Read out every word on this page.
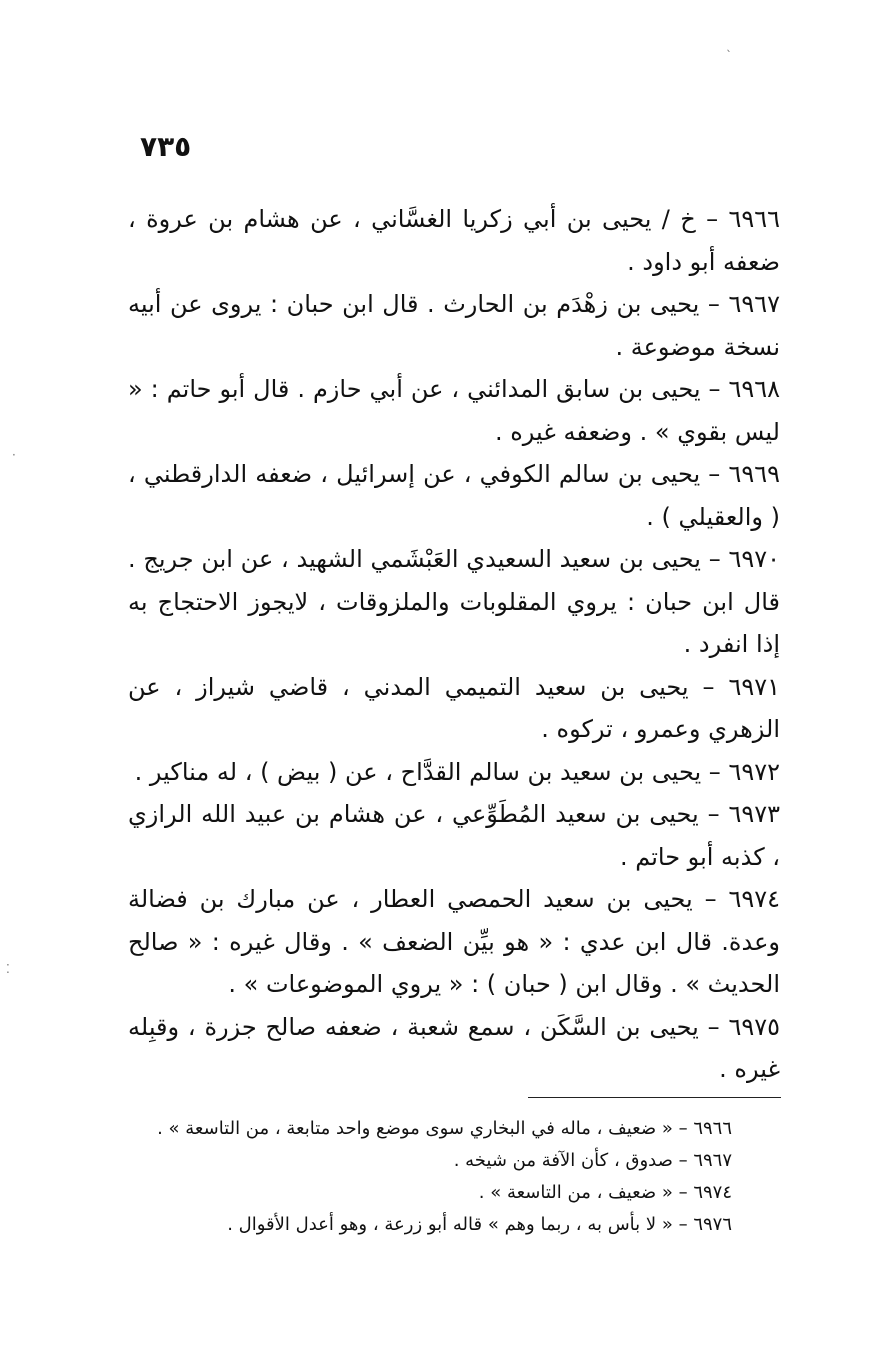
٧٣٥

٦٩٦٦ – خ / يحيى بن أبي زكريا الغسَّاني ، عن هشام بن عروة ، ضعفه أبو داود .

٦٩٦٧ – يحيى بن زهْدَم بن الحارث . قال ابن حبان : يروى عن أبيه نسخة موضوعة .

٦٩٦٨ – يحيى بن سابق المدائني ، عن أبي حازم . قال أبو حاتم : « ليس بقوي » . وضعفه غيره .

٦٩٦٩ – يحيى بن سالم الكوفي ، عن إسرائيل ، ضعفه الدارقطني ، ( والعقيلي ) .

٦٩٧٠ – يحيى بن سعيد السعيدي العَبْشَمي الشهيد ، عن ابن جريج . قال ابن حبان : يروي المقلوبات والملزوقات ، لايجوز الاحتجاج به إذا انفرد .

٦٩٧١ – يحيى بن سعيد التميمي المدني ، قاضي شيراز ، عن الزهري وعمرو ، تركوه .

٦٩٧٢ – يحيى بن سعيد بن سالم القدَّاح ، عن ( بيض ) ، له مناكير .

٦٩٧٣ – يحيى بن سعيد المُطَوِّعي ، عن هشام بن عبيد الله الرازي ، كذبه أبو حاتم .

٦٩٧٤ – يحيى بن سعيد الحمصي العطار ، عن مبارك بن فضالة وعدة. قال ابن عدي : « هو بيِّن الضعف » . وقال غيره : « صالح الحديث » . وقال ابن ( حبان ) : « يروي الموضوعات » .

٦٩٧٥ – يحيى بن السَّكَن ، سمع شعبة ، ضعفه صالح جزرة ، وقبِله غيره .

٦٩٦٦ – « ضعيف ، ماله في البخاري سوى موضع واحد متابعة ، من التاسعة » .

٦٩٦٧ – صدوق ، كأن الآفة من شيخه .

٦٩٧٤ – « ضعيف ، من التاسعة » .

٦٩٧٦ – « لا بأس به ، ربما وهم » قاله أبو زرعة ، وهو أعدل الأقوال .

ˎ
·
⁚
